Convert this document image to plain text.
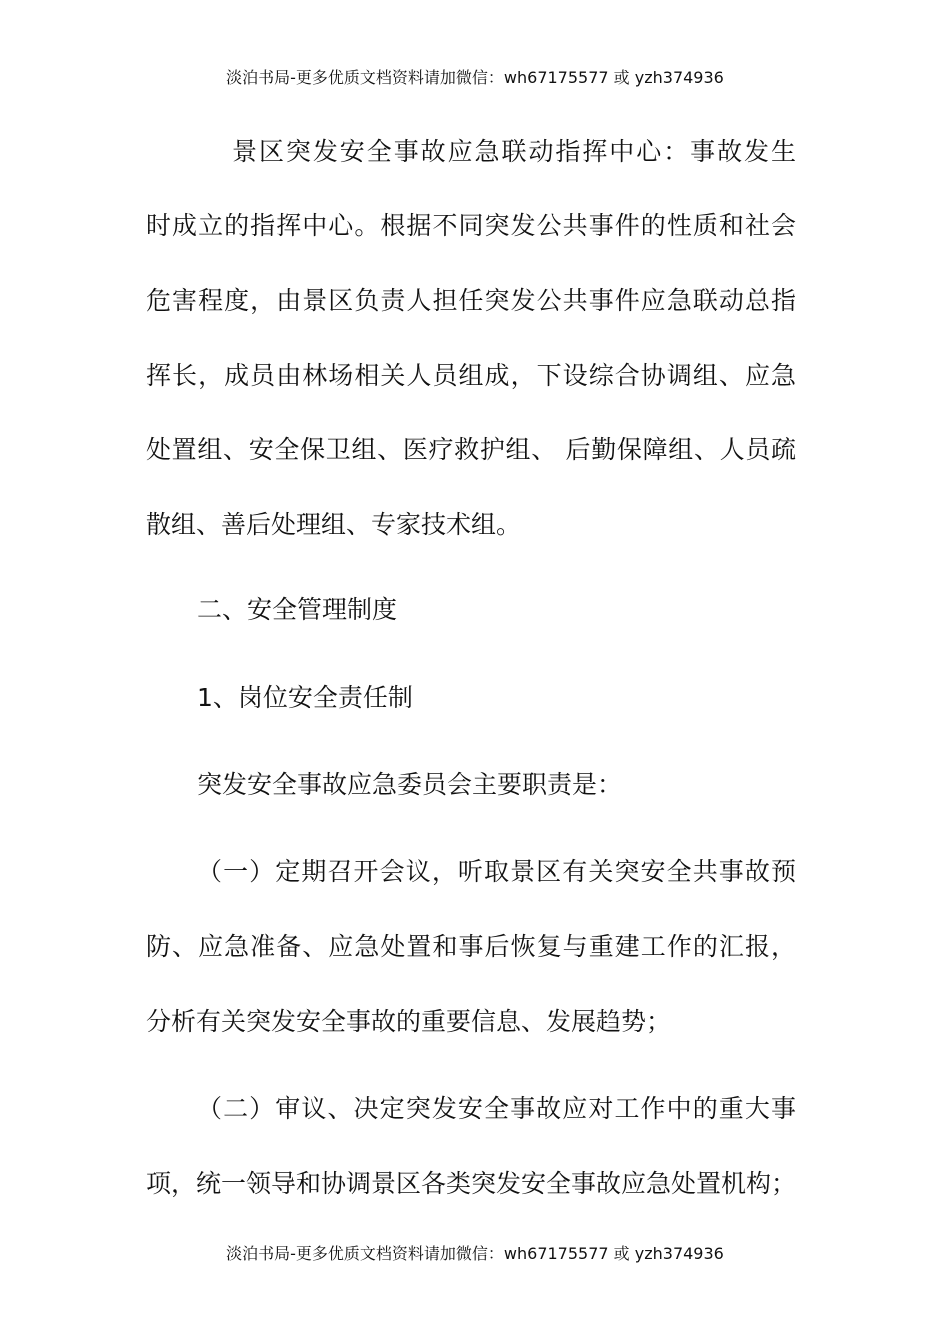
淡泊书局-更多优质文档资料请加微信：wh67175577 或 yzh374936
景区突发安全事故应急联动指挥中心：事故发生
时成立的指挥中心。根据不同突发公共事件的性质和社会
危害程度，由景区负责人担任突发公共事件应急联动总指
挥长，成员由林场相关人员组成，下设综合协调组、应急
处置组、安全保卫组、医疗救护组、 后勤保障组、人员疏
散组、善后处理组、专家技术组。
二、安全管理制度
1、岗位安全责任制
突发安全事故应急委员会主要职责是：
（一）定期召开会议，听取景区有关突安全共事故预
防、应急准备、应急处置和事后恢复与重建工作的汇报，
分析有关突发安全事故的重要信息、发展趋势；
（二）审议、决定突发安全事故应对工作中的重大事
项，统一领导和协调景区各类突发安全事故应急处置机构；
淡泊书局-更多优质文档资料请加微信：wh67175577 或 yzh374936
